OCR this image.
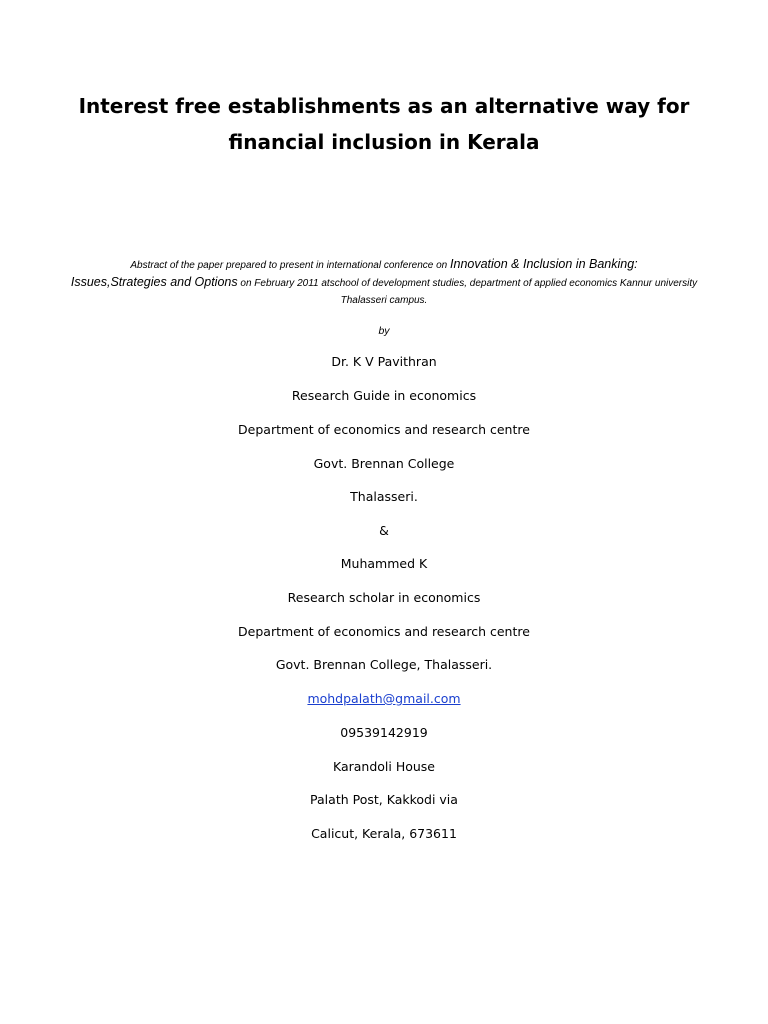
Interest free establishments as an alternative way for
financial inclusion in Kerala

Abstract of the paper prepared to present in international conference on Innovation & Inclusion in Banking:
Issues,Strategies and Options on February 2011 atschool of development studies, department of applied economics Kannur university Thalasseri campus.

by
Dr. K V Pavithran
Research Guide in economics
Department of economics and research centre
Govt. Brennan College
Thalasseri.
&
Muhammed K
Research scholar in economics
Department of economics and research centre
Govt. Brennan College, Thalasseri.
mohdpalath@gmail.com
09539142919
Karandoli House
Palath Post, Kakkodi via
Calicut, Kerala, 673611
